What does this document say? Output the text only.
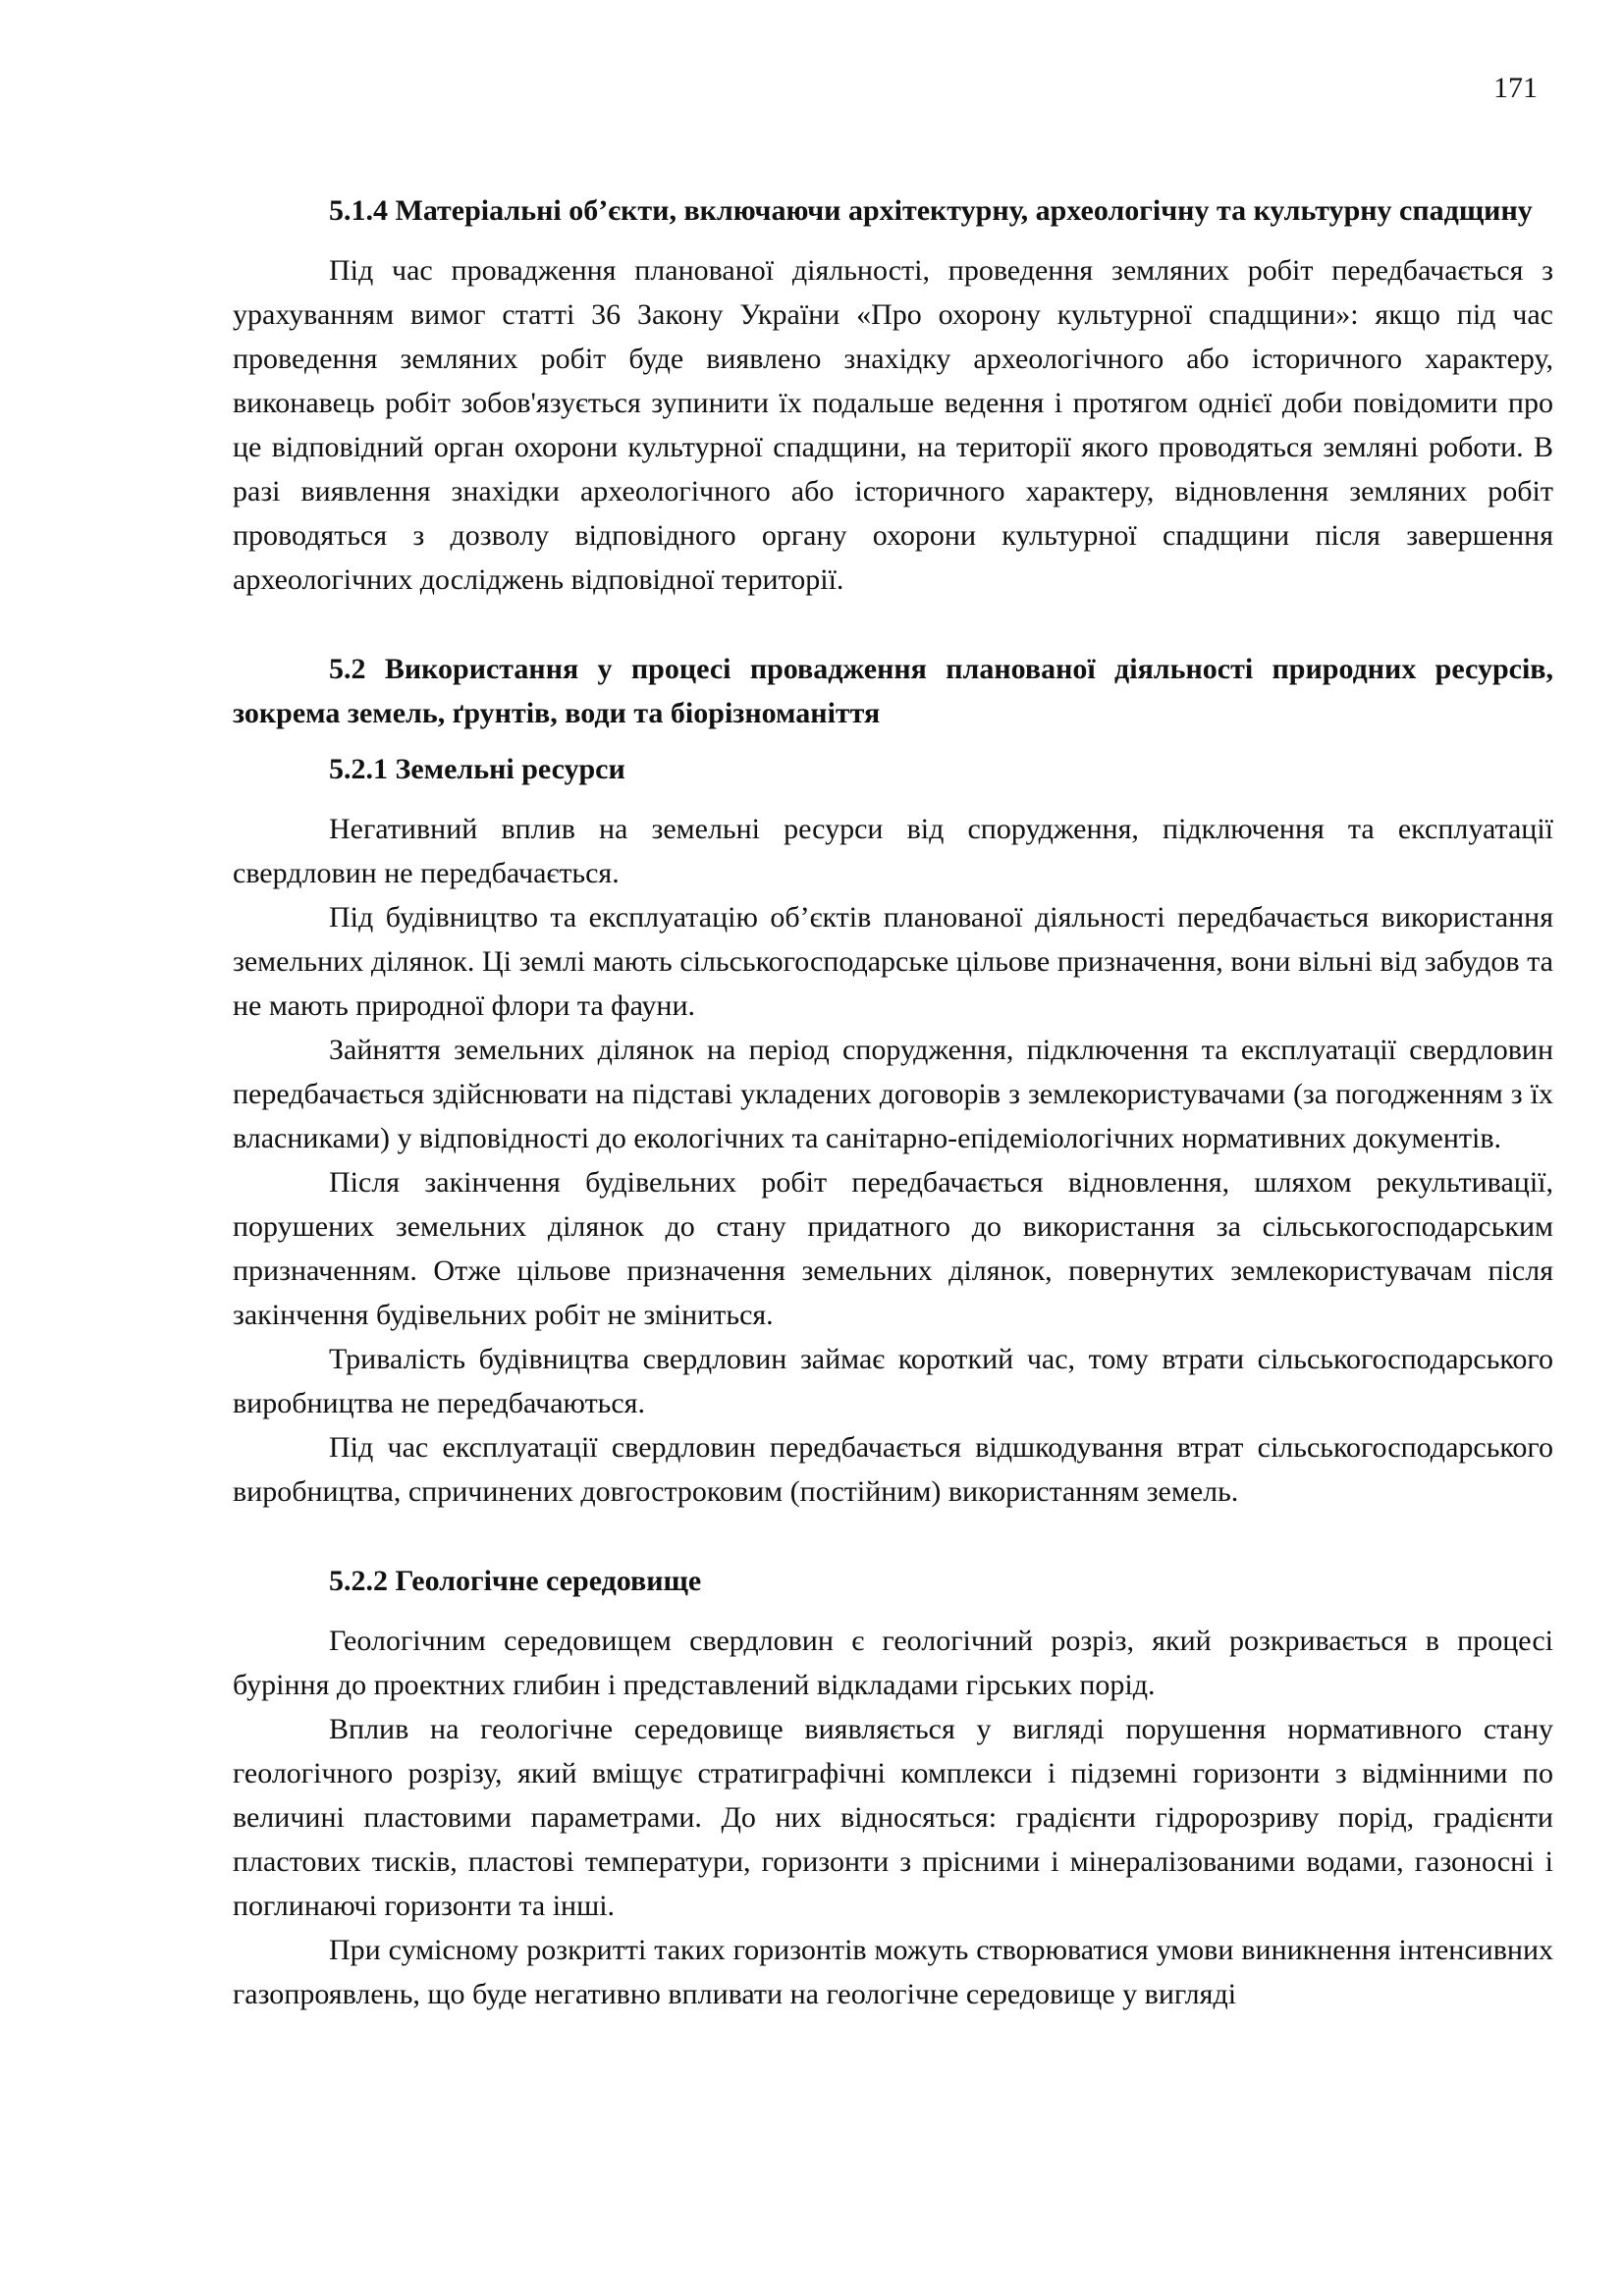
171

5.1.4 Матеріальні об’єкти, включаючи архітектурну, археологічну та культурну спадщину

Під час провадження планованої діяльності, проведення земляних робіт передбачається з урахуванням вимог статті 36 Закону України «Про охорону культурної спадщини»: якщо під час проведення земляних робіт буде виявлено знахідку археологічного або історичного характеру, виконавець робіт зобов'язується зупинити їх подальше ведення і протягом однієї доби повідомити про це відповідний орган охорони культурної спадщини, на території якого проводяться земляні роботи. В разі виявлення знахідки археологічного або історичного характеру, відновлення земляних робіт проводяться з дозволу відповідного органу охорони культурної спадщини після завершення археологічних досліджень відповідної території.

5.2 Використання у процесі провадження планованої діяльності природних ресурсів, зокрема земель, ґрунтів, води та біорізноманіття

5.2.1 Земельні ресурси

Негативний вплив на земельні ресурси від спорудження, підключення та експлуатації свердловин не передбачається.

Під будівництво та експлуатацію об’єктів планованої діяльності передбачається використання земельних ділянок. Ці землі мають сільськогосподарське цільове призначення, вони вільні від забудов та не мають природної флори та фауни.

Зайняття земельних ділянок на період спорудження, підключення та експлуатації свердловин передбачається здійснювати на підставі укладених договорів з землекористувачами (за погодженням з їх власниками) у відповідності до екологічних та санітарно-епідеміологічних нормативних документів.

Після закінчення будівельних робіт передбачається відновлення, шляхом рекультивації, порушених земельних ділянок до стану придатного до використання за сільськогосподарським призначенням. Отже цільове призначення земельних ділянок, повернутих землекористувачам після закінчення будівельних робіт не зміниться.

Тривалість будівництва свердловин займає короткий час, тому втрати сільськогосподарського виробництва не передбачаються.

Під час експлуатації свердловин передбачається відшкодування втрат сільськогосподарського виробництва, спричинених довгостроковим (постійним) використанням земель.

5.2.2 Геологічне середовище

Геологічним середовищем свердловин є геологічний розріз, який розкривається в процесі буріння до проектних глибин і представлений відкладами гірських порід.

Вплив на геологічне середовище виявляється у вигляді порушення нормативного стану геологічного розрізу, який вміщує стратиграфічні комплекси і підземні горизонти з відмінними по величині пластовими параметрами. До них відносяться: градієнти гідророзриву порід, градієнти пластових тисків, пластові температури, горизонти з прісними і мінералізованими водами, газоносні і поглинаючі горизонти та інші.

При сумісному розкритті таких горизонтів можуть створюватися умови виникнення інтенсивних газопроявлень, що буде негативно впливати на геологічне середовище у вигляді
